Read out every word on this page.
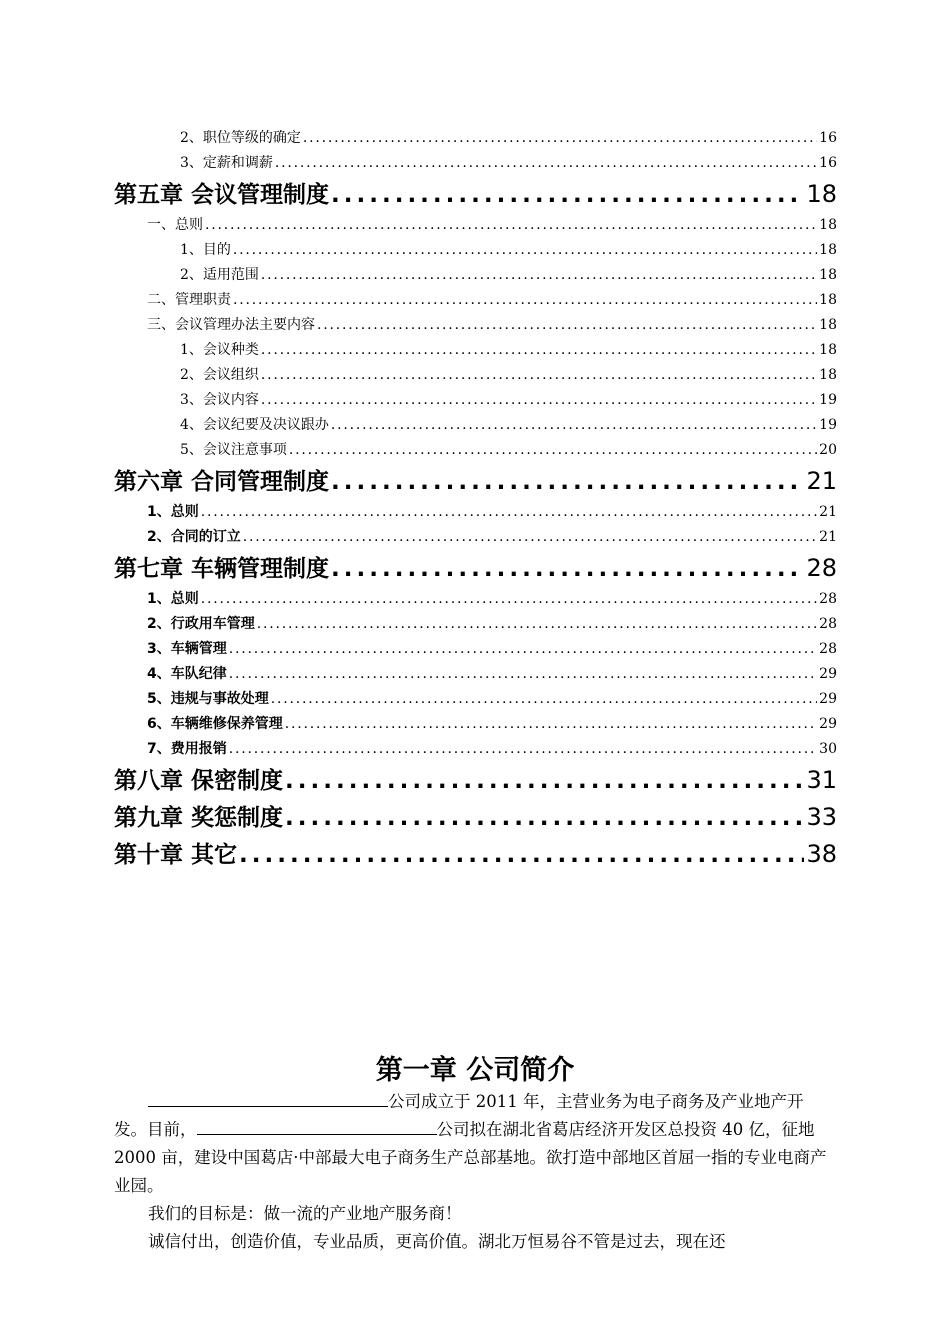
2、职位等级的确定 .....	16
3、定薪和调薪 .....	16
第五章 会议管理制度 .....	18
一、总则 .....	18
1、目的 .....	18
2、适用范围 .....	18
二、管理职责 .....	18
三、会议管理办法主要内容 .....	18
1、会议种类 .....	18
2、会议组织 .....	18
3、会议内容 .....	19
4、会议纪要及决议跟办 .....	19
5、会议注意事项 .....	20
第六章 合同管理制度 .....	21
1、总则 .....	21
2、合同的订立 .....	21
第七章 车辆管理制度 .....	28
1、总则 .....	28
2、行政用车管理 .....	28
3、车辆管理 .....	28
4、车队纪律 .....	29
5、违规与事故处理 .....	29
6、车辆维修保养管理 .....	29
7、费用报销 .....	30
第八章 保密制度 .....	31
第九章 奖惩制度 .....	33
第十章 其它 .....	38
第一章 公司简介

公司成立于 2011 年，主营业务为电子商务及产业地产开发。目前，	公司拟在湖北省葛店经济开发区总投资 40 亿，征地 2000 亩，建设中国葛店·中部最大电子商务生产总部基地。欲打造中部地区首屈一指的专业电商产业园。

我们的目标是：做一流的产业地产服务商！

诚信付出，创造价值，专业品质，更高价值。湖北万恒易谷不管是过去，现在还
